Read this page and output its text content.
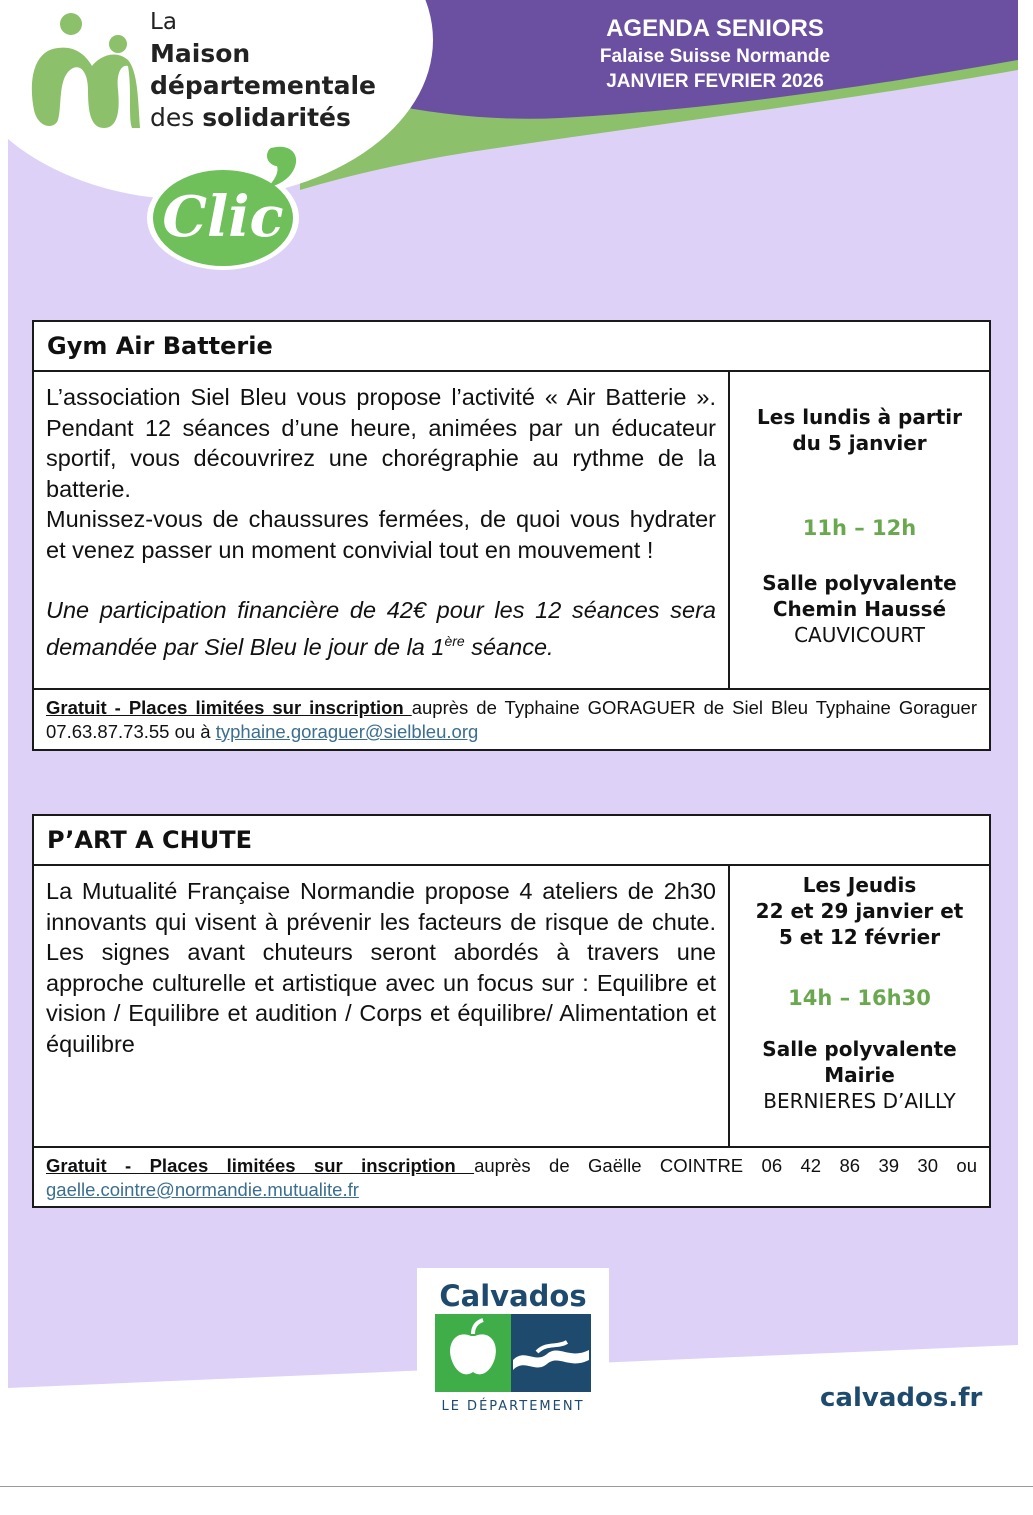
La
Maison
départementale
des solidarités
Clic
AGENDA SENIORS
Falaise Suisse Normande
JANVIER FEVRIER 2026
Gym Air Batterie

L’association Siel Bleu vous propose l’activité « Air Batterie ». Pendant 12 séances d’une heure, animées par un éducateur sportif, vous découvrirez une chorégraphie au rythme de la batterie.

Munissez-vous de chaussures fermées, de quoi vous hydrater et venez passer un moment convivial tout en mouvement !

Une participation financière de 42€ pour les 12 séances sera demandée par Siel Bleu le jour de la 1ère séance.

Les lundis à partir du 5 janvier
11h – 12h
Salle polyvalente
Chemin Haussé
CAUVICOURT
Gratuit - Places limitées sur inscription auprès de Typhaine GORAGUER de Siel Bleu Typhaine Goraguer 07.63.87.73.55 ou à typhaine.goraguer@sielbleu.org
P’ART A CHUTE

La Mutualité Française Normandie propose 4 ateliers de 2h30 innovants qui visent à prévenir les facteurs de risque de chute. Les signes avant chuteurs seront abordés à travers une approche culturelle et artistique avec un focus sur : Equilibre et vision / Equilibre et audition / Corps et équilibre/ Alimentation et équilibre

Les Jeudis
22 et 29 janvier et
5 et 12 février
14h – 16h30
Salle polyvalente
Mairie
BERNIERES D’AILLY
Gratuit - Places limitées sur inscription auprès de Gaëlle COINTRE 06 42 86 39 30 ou gaelle.cointre@normandie.mutualite.fr
Calvados
LE DÉPARTEMENT	calvados.fr
